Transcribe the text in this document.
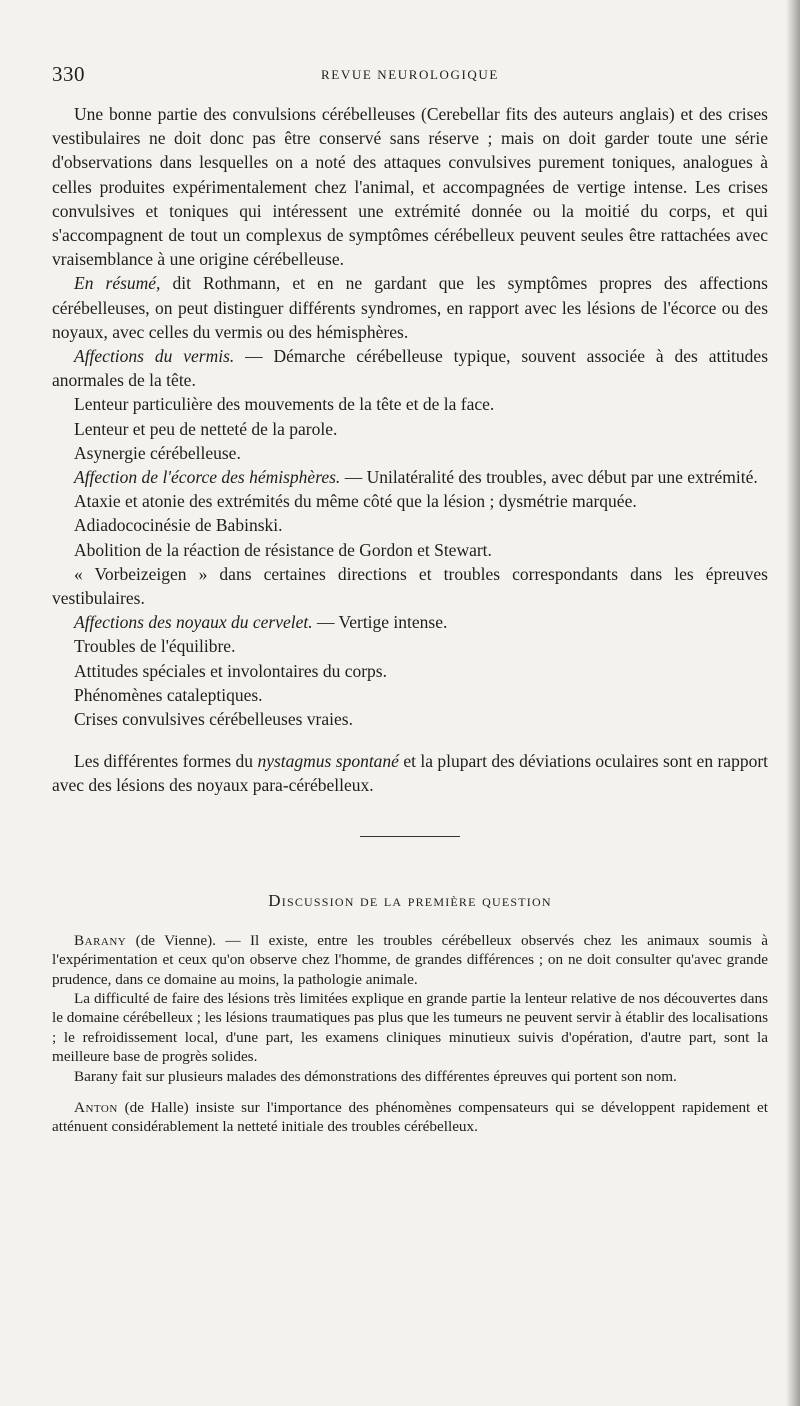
330	REVUE NEUROLOGIQUE

Une bonne partie des convulsions cérébelleuses (Cerebellar fits des auteurs anglais) et des crises vestibulaires ne doit donc pas être conservé sans réserve ; mais on doit garder toute une série d'observations dans lesquelles on a noté des attaques convulsives purement toniques, analogues à celles produites expérimentalement chez l'animal, et accompagnées de vertige intense. Les crises convulsives et toniques qui intéressent une extrémité donnée ou la moitié du corps, et qui s'accompagnent de tout un complexus de symptômes cérébelleux peuvent seules être rattachées avec vraisemblance à une origine cérébelleuse.

En résumé, dit Rothmann, et en ne gardant que les symptômes propres des affections cérébelleuses, on peut distinguer différents syndromes, en rapport avec les lésions de l'écorce ou des noyaux, avec celles du vermis ou des hémisphères.

Affections du vermis. — Démarche cérébelleuse typique, souvent associée à des attitudes anormales de la tête.

Lenteur particulière des mouvements de la tête et de la face.

Lenteur et peu de netteté de la parole.

Asynergie cérébelleuse.

Affection de l'écorce des hémisphères. — Unilatéralité des troubles, avec début par une extrémité.

Ataxie et atonie des extrémités du même côté que la lésion ; dysmétrie marquée.

Adiadococinésie de Babinski.

Abolition de la réaction de résistance de Gordon et Stewart.

« Vorbeizeigen » dans certaines directions et troubles correspondants dans les épreuves vestibulaires.

Affections des noyaux du cervelet. — Vertige intense.

Troubles de l'équilibre.

Attitudes spéciales et involontaires du corps.

Phénomènes cataleptiques.

Crises convulsives cérébelleuses vraies.

Les différentes formes du nystagmus spontané et la plupart des déviations oculaires sont en rapport avec des lésions des noyaux para-cérébelleux.

Discussion de la première question

Barany (de Vienne). — Il existe, entre les troubles cérébelleux observés chez les animaux soumis à l'expérimentation et ceux qu'on observe chez l'homme, de grandes différences ; on ne doit consulter qu'avec grande prudence, dans ce domaine au moins, la pathologie animale.

La difficulté de faire des lésions très limitées explique en grande partie la lenteur relative de nos découvertes dans le domaine cérébelleux ; les lésions traumatiques pas plus que les tumeurs ne peuvent servir à établir des localisations ; le refroidissement local, d'une part, les examens cliniques minutieux suivis d'opération, d'autre part, sont la meilleure base de progrès solides.

Barany fait sur plusieurs malades des démonstrations des différentes épreuves qui portent son nom.

Anton (de Halle) insiste sur l'importance des phénomènes compensateurs qui se développent rapidement et atténuent considérablement la netteté initiale des troubles cérébelleux.
